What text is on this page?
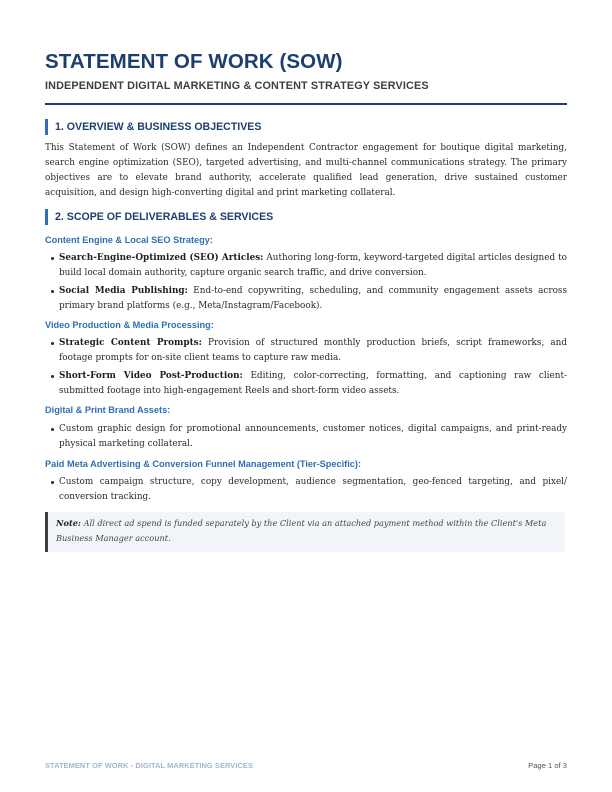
STATEMENT OF WORK (SOW)
INDEPENDENT DIGITAL MARKETING & CONTENT STRATEGY SERVICES
1. OVERVIEW & BUSINESS OBJECTIVES

This Statement of Work (SOW) defines an Independent Contractor engagement for boutique digital marketing, search engine optimization (SEO), targeted advertising, and multi-channel communications strategy. The primary objectives are to elevate brand authority, accelerate qualified lead generation, drive sustained customer acquisition, and design high-converting digital and print marketing collateral.

2. SCOPE OF DELIVERABLES & SERVICES
Content Engine & Local SEO Strategy:
Search-Engine-Optimized (SEO) Articles: Authoring long-form, keyword-targeted digital articles designed to build local domain authority, capture organic search traffic, and drive conversion.
Social Media Publishing: End-to-end copywriting, scheduling, and community engagement assets across primary brand platforms (e.g., Meta/Instagram/Facebook).
Video Production & Media Processing:
Strategic Content Prompts: Provision of structured monthly production briefs, script frameworks, and footage prompts for on-site client teams to capture raw media.
Short-Form Video Post-Production: Editing, color-correcting, formatting, and captioning raw client-submitted footage into high-engagement Reels and short-form video assets.
Digital & Print Brand Assets:
Custom graphic design for promotional announcements, customer notices, digital campaigns, and print-ready physical marketing collateral.
Paid Meta Advertising & Conversion Funnel Management (Tier-Specific):
Custom campaign structure, copy development, audience segmentation, geo-fenced targeting, and pixel/ conversion tracking.

Note: All direct ad spend is funded separately by the Client via an attached payment method within the Client's Meta Business Manager account.

STATEMENT OF WORK - DIGITAL MARKETING SERVICES	Page 1 of 3
